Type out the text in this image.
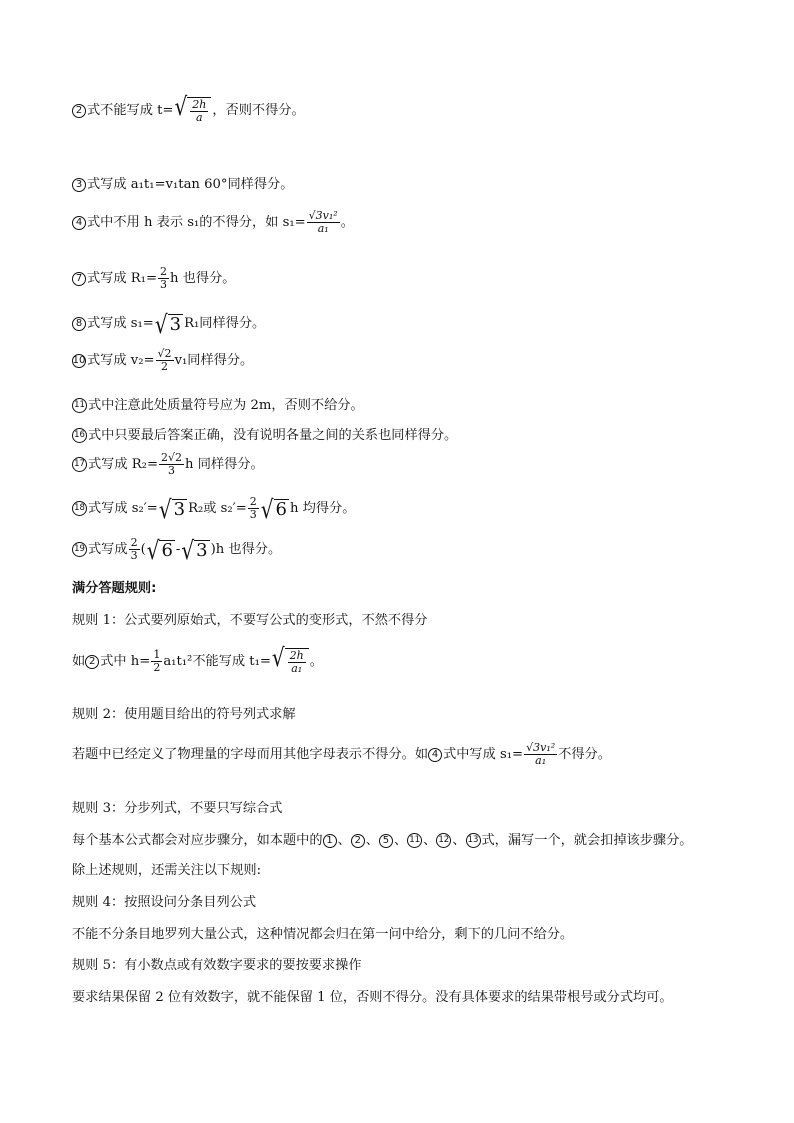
2 式不能写成 t= √ $\frac{2h}{a}$ ，否则不得分。
3 式写成 a₁t₁=v₁tan 60°同样得分。
4 式中不用 h 表示 s₁的不得分，如 $s_1= \frac{\text{√3v₁²}}{\text{a₁}}$ 。
7 式写成 $R_1= \frac{2}{3}$ h 也得分。
8 式写成 s₁= √ 3 R₁同样得分。
10 式写成 $v_2= \frac{√2}{2} v_1$同样得分。
11 式中注意此处质量符号应为 2m，否则不给分。
16 式中只要最后答案正确，没有说明各量之间的关系也同样得分。
17 式写成 $R_2= \frac{2√2}{3}$ h 同样得分。
18 式写成 s₂′= √ 3 R₂或 $s_2'= \frac{2}{3}$ √ 6 h 均得分。
19 式写成 $\frac{2}{3}$ ( √ 6 - √ 3 )h 也得分。
满分答题规则:
规则 1：公式要列原始式，不要写公式的变形式，不然不得分
如 2 式中 $h= \frac{1}{2} a_1t_1^2$不能写成 t₁= √ $\frac{2h}{\text{a₁}}$ 。
规则 2：使用题目给出的符号列式求解
若题中已经定义了物理量的字母而用其他字母表示不得分。如 4 式中写成 $s_1= \frac{\text{√3v₁²}}{\text{a₁}}$ 不得分。
规则 3：分步列式，不要只写综合式
每个基本公式都会对应步骤分，如本题中的 1 、 2 、 5 、 11 、 12 、 13 式，漏写一个，就会扣掉该步骤分。
除上述规则，还需关注以下规则:
规则 4：按照设问分条目列公式
不能不分条目地罗列大量公式，这种情况都会归在第一问中给分，剩下的几问不给分。
规则 5：有小数点或有效数字要求的要按要求操作
要求结果保留 2 位有效数字，就不能保留 1 位，否则不得分。没有具体要求的结果带根号或分式均可。
